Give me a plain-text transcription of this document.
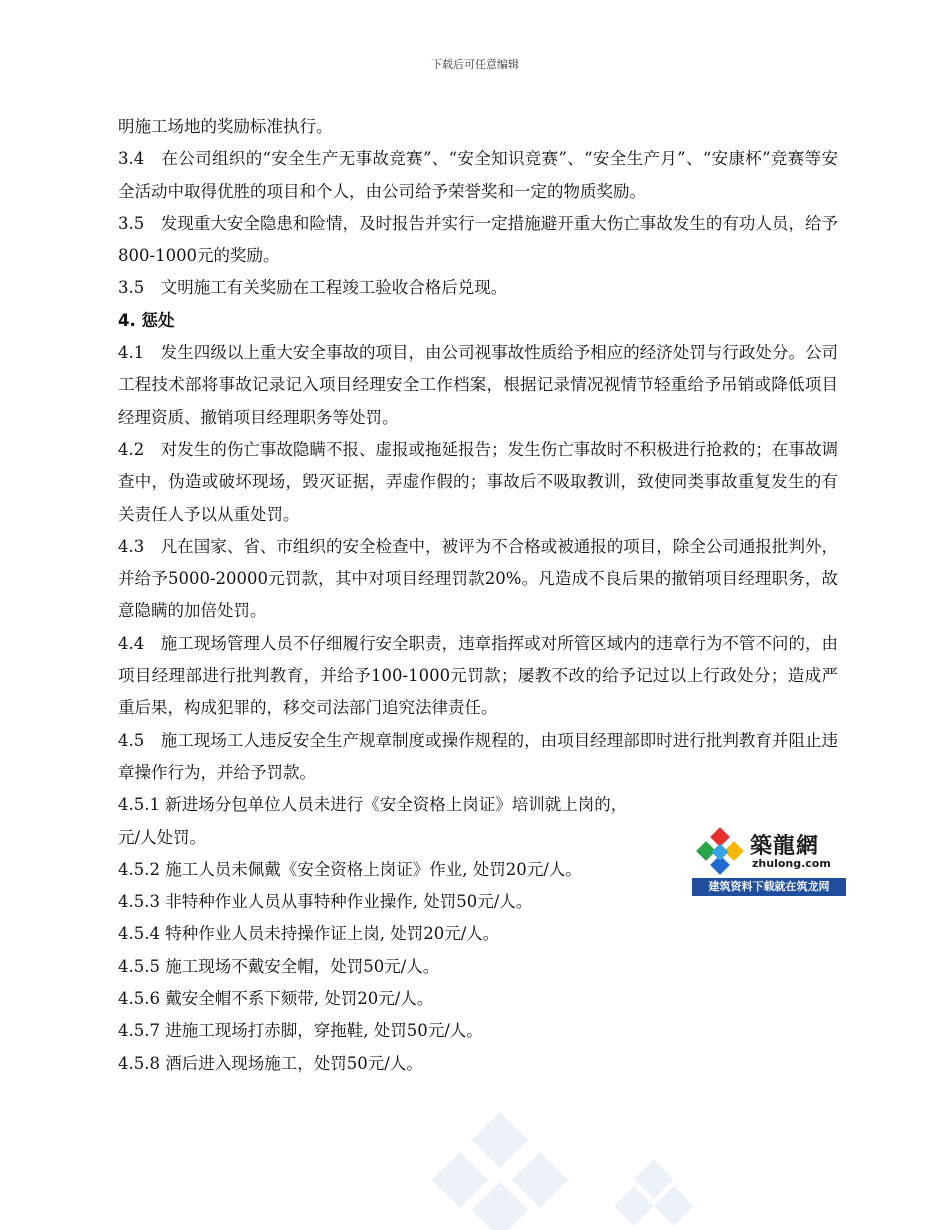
下载后可任意编辑

明施工场地的奖励标准执行。

3.4　在公司组织的“安全生产无事故竞赛”、“安全知识竞赛”、“安全生产月”、“安康杯”竞赛等安全活动中取得优胜的项目和个人，由公司给予荣誉奖和一定的物质奖励。

3.5　发现重大安全隐患和险情，及时报告并实行一定措施避开重大伤亡事故发生的有功人员，给予800-1000元的奖励。

3.5　文明施工有关奖励在工程竣工验收合格后兑现。

4. 惩处

4.1　发生四级以上重大安全事故的项目，由公司视事故性质给予相应的经济处罚与行政处分。公司工程技术部将事故记录记入项目经理安全工作档案，根据记录情况视情节轻重给予吊销或降低项目经理资质、撤销项目经理职务等处罚。

4.2　对发生的伤亡事故隐瞒不报、虚报或拖延报告；发生伤亡事故时不积极进行抢救的；在事故调查中，伪造或破坏现场，毁灭证据，弄虚作假的；事故后不吸取教训，致使同类事故重复发生的有关责任人予以从重处罚。

4.3　凡在国家、省、市组织的安全检查中，被评为不合格或被通报的项目，除全公司通报批判外，并给予5000-20000元罚款，其中对项目经理罚款20%。凡造成不良后果的撤销项目经理职务，故意隐瞒的加倍处罚。

4.4　施工现场管理人员不仔细履行安全职责，违章指挥或对所管区域内的违章行为不管不问的，由项目经理部进行批判教育，并给予100-1000元罚款；屡教不改的给予记过以上行政处分；造成严重后果，构成犯罪的，移交司法部门追究法律责任。

4.5　施工现场工人违反安全生产规章制度或操作规程的，由项目经理部即时进行批判教育并阻止违章操作行为，并给予罚款。

4.5.1 新进场分包单位人员未进行《安全资格上岗证》培训就上岗的，

元/人处罚。

4.5.2 施工人员未佩戴《安全资格上岗证》作业, 处罚20元/人。

4.5.3 非特种作业人员从事特种作业操作, 处罚50元/人。

4.5.4 特种作业人员未持操作证上岗, 处罚20元/人。

4.5.5 施工现场不戴安全帽，处罚50元/人。

4.5.6 戴安全帽不系下颏带, 处罚20元/人。

4.5.7 进施工现场打赤脚，穿拖鞋, 处罚50元/人。

4.5.8 酒后进入现场施工，处罚50元/人。

築龍網
zhulong.com
建筑资料下载就在筑龙网
